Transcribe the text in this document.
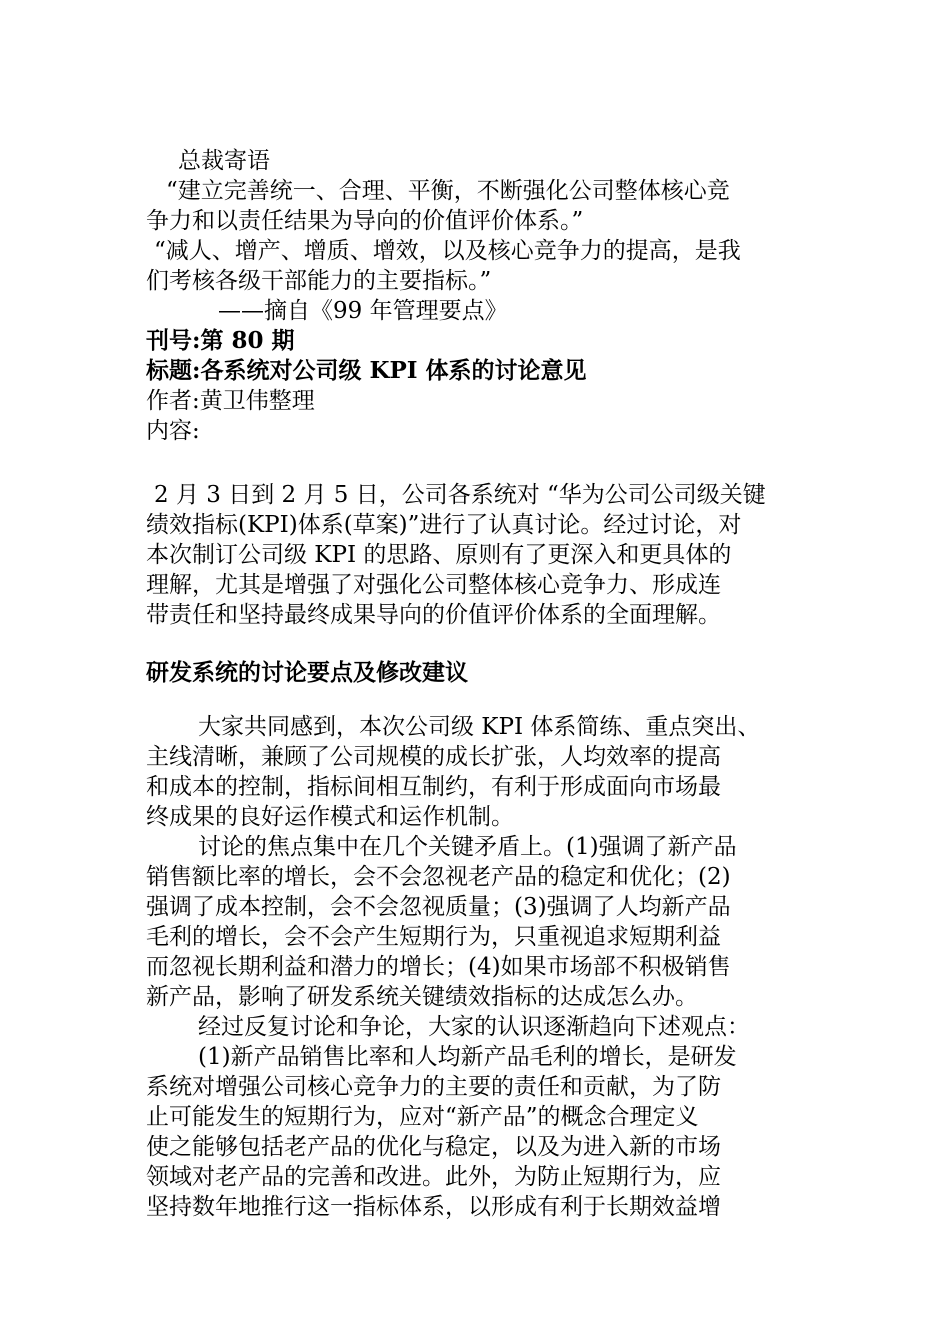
总裁寄语
“建立完善统一、合理、平衡，不断强化公司整体核心竞
争力和以责任结果为导向的价值评价体系。”
“减人、增产、增质、增效，以及核心竞争力的提高，是我
们考核各级干部能力的主要指标。”
——摘自《99 年管理要点》
刊号:第 80 期
标题:各系统对公司级 KPI 体系的讨论意见
作者:黄卫伟整理
内容:
2 月 3 日到 2 月 5 日，公司各系统对 “华为公司公司级关键
绩效指标(KPI)体系(草案)”进行了认真讨论。经过讨论，对
本次制订公司级 KPI 的思路、原则有了更深入和更具体的
理解，尤其是增强了对强化公司整体核心竞争力、形成连
带责任和坚持最终成果导向的价值评价体系的全面理解。
研发系统的讨论要点及修改建议
大家共同感到，本次公司级 KPI 体系简练、重点突出、
主线清晰，兼顾了公司规模的成长扩张，人均效率的提高
和成本的控制，指标间相互制约，有利于形成面向市场最
终成果的良好运作模式和运作机制。
讨论的焦点集中在几个关键矛盾上。(1)强调了新产品
销售额比率的增长，会不会忽视老产品的稳定和优化；(2)
强调了成本控制，会不会忽视质量；(3)强调了人均新产品
毛利的增长，会不会产生短期行为，只重视追求短期利益
而忽视长期利益和潜力的增长；(4)如果市场部不积极销售
新产品，影响了研发系统关键绩效指标的达成怎么办。
经过反复讨论和争论，大家的认识逐渐趋向下述观点：
(1)新产品销售比率和人均新产品毛利的增长，是研发
系统对增强公司核心竞争力的主要的责任和贡献，为了防
止可能发生的短期行为，应对“新产品”的概念合理定义
使之能够包括老产品的优化与稳定，以及为进入新的市场
领域对老产品的完善和改进。此外，为防止短期行为，应
坚持数年地推行这一指标体系，以形成有利于长期效益增
